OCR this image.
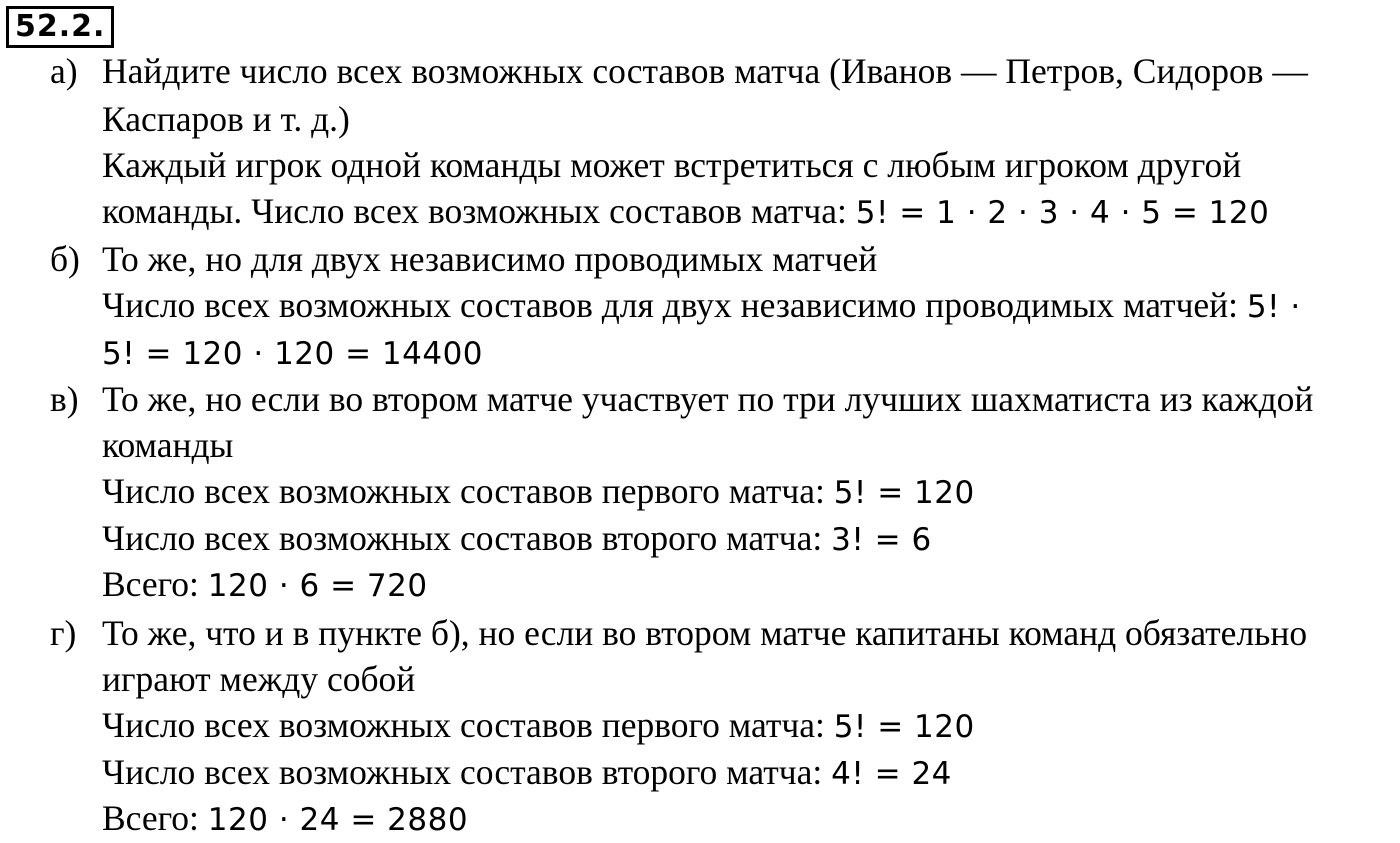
52.2.
а) Найдите число всех возможных составов матча (Иванов — Петров, Сидоров —
Каспаров и т. д.)
Каждый игрок одной команды может встретиться с любым игроком другой
команды. Число всех возможных составов матча: 5! = 1 · 2 · 3 · 4 · 5 = 120
б) То же, но для двух независимо проводимых матчей
Число всех возможных составов для двух независимо проводимых матчей: 5! ·
5! = 120 · 120 = 14400
в) То же, но если во втором матче участвует по три лучших шахматиста из каждой
команды
Число всех возможных составов первого матча: 5! = 120
Число всех возможных составов второго матча: 3! = 6
Всего: 120 · 6 = 720
г) То же, что и в пункте б), но если во втором матче капитаны команд обязательно
играют между собой
Число всех возможных составов первого матча: 5! = 120
Число всех возможных составов второго матча: 4! = 24
Всего: 120 · 24 = 2880
